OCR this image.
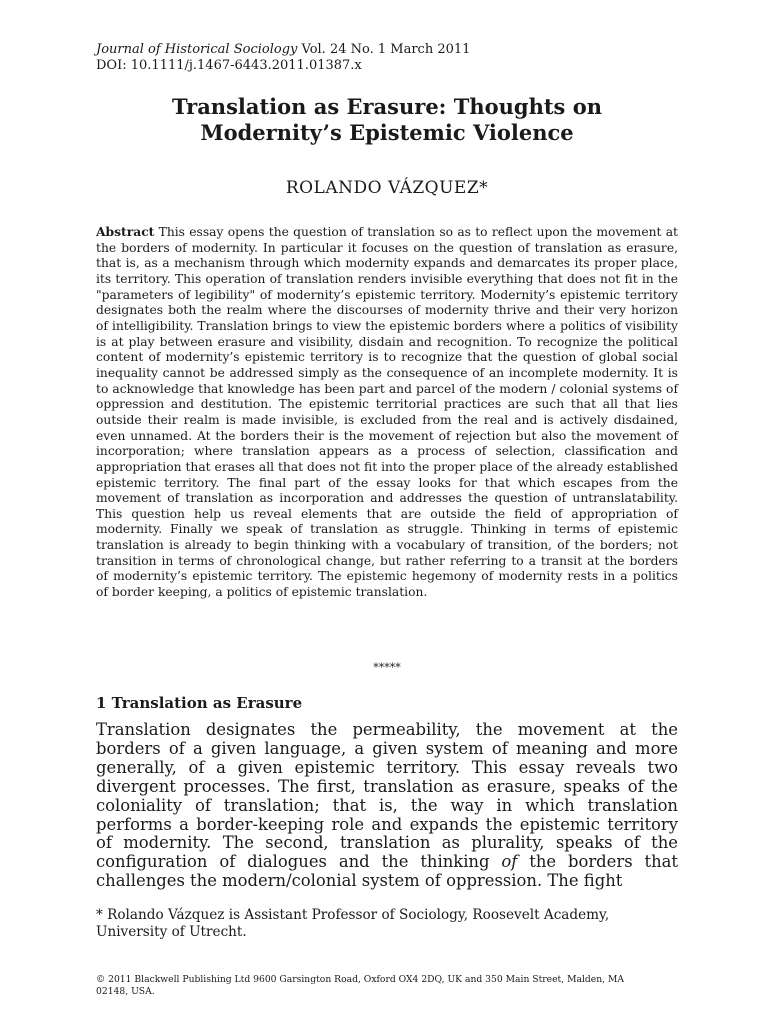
Journal of Historical Sociology Vol. 24 No. 1 March 2011
DOI: 10.1111/j.1467-6443.2011.01387.x
Translation as Erasure: Thoughts on
Modernity’s Epistemic Violence
ROLANDO VÁZQUEZ*
Abstract This essay opens the question of translation so as to reflect upon the movement at the borders of modernity. In particular it focuses on the question of translation as erasure, that is, as a mechanism through which modernity expands and demarcates its proper place, its territory. This operation of translation renders invisible everything that does not fit in the "parameters of legibility" of modernity’s epistemic territory. Modernity’s epistemic territory designates both the realm where the discourses of modernity thrive and their very horizon of intelligibility. Translation brings to view the epistemic borders where a politics of visibility is at play between erasure and visibility, disdain and recognition. To recognize the political content of modernity’s epistemic territory is to recognize that the question of global social inequality cannot be addressed simply as the consequence of an incomplete modernity. It is to acknowledge that knowledge has been part and parcel of the modern / colonial systems of oppression and destitution. The epistemic territorial practices are such that all that lies outside their realm is made invisible, is excluded from the real and is actively disdained, even unnamed. At the borders their is the movement of rejection but also the movement of incorporation; where translation appears as a process of selection, classification and appropriation that erases all that does not fit into the proper place of the already established epistemic territory. The final part of the essay looks for that which escapes from the movement of translation as incorporation and addresses the question of untranslatability. This question help us reveal elements that are outside the field of appropriation of modernity. Finally we speak of translation as struggle. Thinking in terms of epistemic translation is already to begin thinking with a vocabulary of transition, of the borders; not transition in terms of chronological change, but rather referring to a transit at the borders of modernity’s epistemic territory. The epistemic hegemony of modernity rests in a politics of border keeping, a politics of epistemic translation.
*****
1 Translation as Erasure
Translation designates the permeability, the movement at the borders of a given language, a given system of meaning and more generally, of a given epistemic territory. This essay reveals two divergent processes. The first, translation as erasure, speaks of the coloniality of translation; that is, the way in which translation performs a border-keeping role and expands the epistemic territory of modernity. The second, translation as plurality, speaks of the configuration of dialogues and the thinking of the borders that challenges the modern/colonial system of oppression. The fight
* Rolando Vázquez is Assistant Professor of Sociology, Roosevelt Academy, University of Utrecht.
© 2011 Blackwell Publishing Ltd 9600 Garsington Road, Oxford OX4 2DQ, UK and 350 Main Street, Malden, MA 02148, USA.
